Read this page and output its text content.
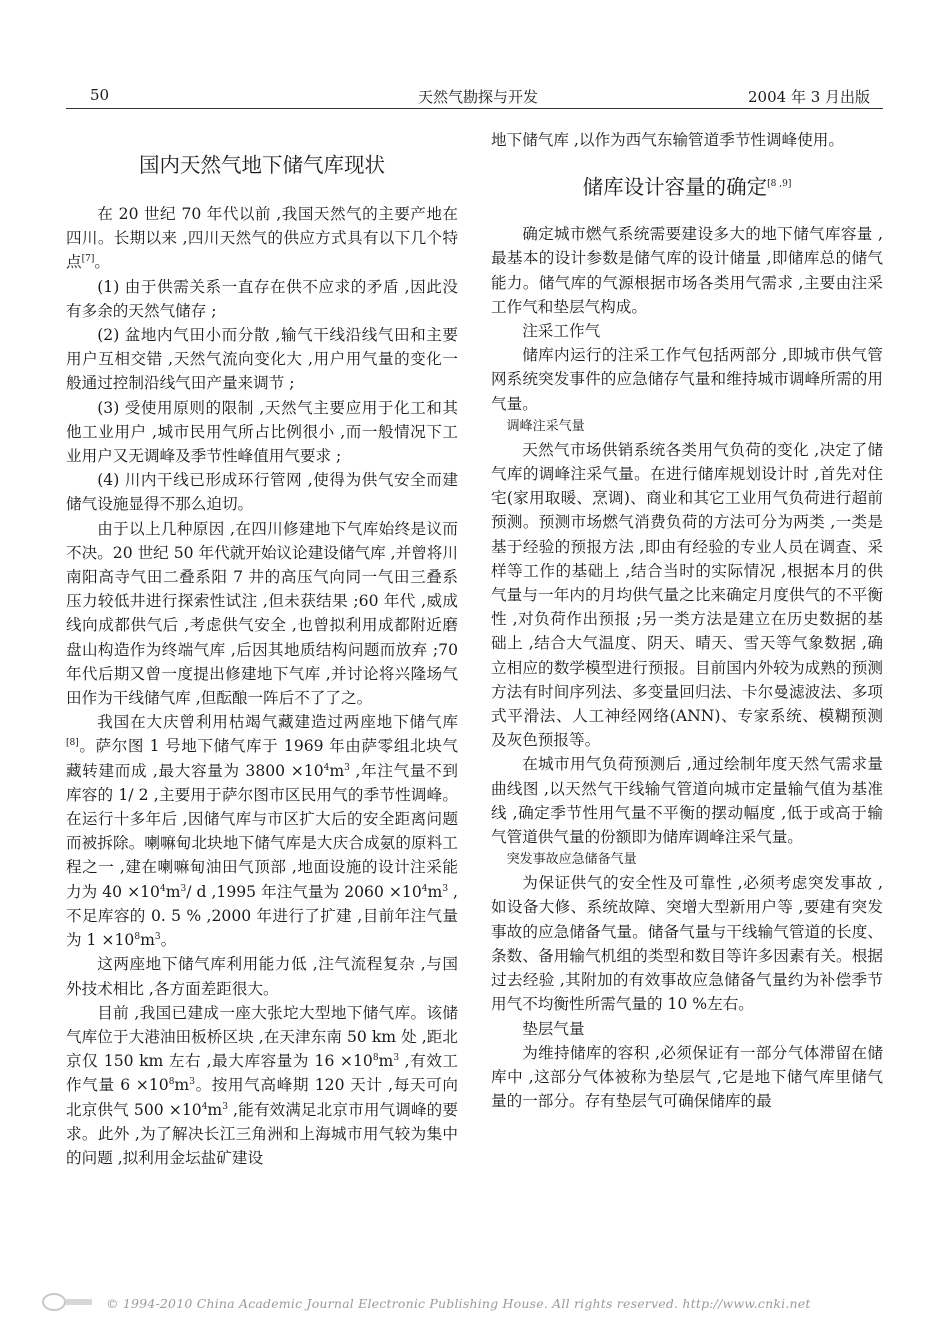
50	天然气勘探与开发	2004 年 3 月出版

国内天然气地下储气库现状

在 20 世纪 70 年代以前 ,我国天然气的主要产地在四川。长期以来 ,四川天然气的供应方式具有以下几个特点[7]。

(1) 由于供需关系一直存在供不应求的矛盾 ,因此没有多余的天然气储存 ;

(2) 盆地内气田小而分散 ,输气干线沿线气田和主要用户互相交错 ,天然气流向变化大 ,用户用气量的变化一般通过控制沿线气田产量来调节 ;

(3) 受使用原则的限制 ,天然气主要应用于化工和其他工业用户 ,城市民用气所占比例很小 ,而一般情况下工业用户又无调峰及季节性峰值用气要求 ;

(4) 川内干线已形成环行管网 ,使得为供气安全而建储气设施显得不那么迫切。

由于以上几种原因 ,在四川修建地下气库始终是议而不决。20 世纪 50 年代就开始议论建设储气库 ,并曾将川南阳高寺气田二叠系阳 7 井的高压气向同一气田三叠系压力较低井进行探索性试注 ,但未获结果 ;60 年代 ,威成线向成都供气后 ,考虑供气安全 ,也曾拟利用成都附近磨盘山构造作为终端气库 ,后因其地质结构问题而放弃 ;70 年代后期又曾一度提出修建地下气库 ,并讨论将兴隆场气田作为干线储气库 ,但酝酿一阵后不了了之。

我国在大庆曾利用枯竭气藏建造过两座地下储气库[8]。萨尔图 1 号地下储气库于 1969 年由萨零组北块气藏转建而成 ,最大容量为 $3800 \times 10^4m^3$ ,年注气量不到库容的 1/ 2 ,主要用于萨尔图市区民用气的季节性调峰。在运行十多年后 ,因储气库与市区扩大后的安全距离问题而被拆除。喇嘛甸北块地下储气库是大庆合成氨的原料工程之一 ,建在喇嘛甸油田气顶部 ,地面设施的设计注采能力为 $40 \times 10^4m^3/$ d ,1995 年注气量为 $2060 \times 10^4m^3$ ,不足库容的 0. 5 % ,2000 年进行了扩建 ,目前年注气量为 $1 \times 10^8m^3$。

这两座地下储气库利用能力低 ,注气流程复杂 ,与国外技术相比 ,各方面差距很大。

目前 ,我国已建成一座大张坨大型地下储气库。该储气库位于大港油田板桥区块 ,在天津东南 50 km 处 ,距北京仅 150 km 左右 ,最大库容量为 $16 \times 10^8m^3$ ,有效工作气量 $6 \times 10^8m^3$。按用气高峰期 120 天计 ,每天可向北京供气 $500 \times 10^4m^3$ ,能有效满足北京市用气调峰的要求。此外 ,为了解决长江三角洲和上海城市用气较为集中的问题 ,拟利用金坛盐矿建设

地下储气库 ,以作为西气东输管道季节性调峰使用。

储库设计容量的确定[8 ,9]

确定城市燃气系统需要建设多大的地下储气库容量 ,最基本的设计参数是储气库的设计储量 ,即储库总的储气能力。储气库的气源根据市场各类用气需求 ,主要由注采工作气和垫层气构成。

注采工作气

储库内运行的注采工作气包括两部分 ,即城市供气管网系统突发事件的应急储存气量和维持城市调峰所需的用气量。

调峰注采气量

天然气市场供销系统各类用气负荷的变化 ,决定了储气库的调峰注采气量。在进行储库规划设计时 ,首先对住宅(家用取暖、烹调)、商业和其它工业用气负荷进行超前预测。预测市场燃气消费负荷的方法可分为两类 ,一类是基于经验的预报方法 ,即由有经验的专业人员在调查、采样等工作的基础上 ,结合当时的实际情况 ,根据本月的供气量与一年内的月均供气量之比来确定月度供气的不平衡性 ,对负荷作出预报 ;另一类方法是建立在历史数据的基础上 ,结合大气温度、阴天、晴天、雪天等气象数据 ,确立相应的数学模型进行预报。目前国内外较为成熟的预测方法有时间序列法、多变量回归法、卡尔曼滤波法、多项式平滑法、人工神经网络(ANN)、专家系统、模糊预测及灰色预报等。

在城市用气负荷预测后 ,通过绘制年度天然气需求量曲线图 ,以天然气干线输气管道向城市定量输气值为基准线 ,确定季节性用气量不平衡的摆动幅度 ,低于或高于输气管道供气量的份额即为储库调峰注采气量。

突发事故应急储备气量

为保证供气的安全性及可靠性 ,必须考虑突发事故 ,如设备大修、系统故障、突增大型新用户等 ,要建有突发事故的应急储备气量。储备气量与干线输气管道的长度、条数、备用输气机组的类型和数目等许多因素有关。根据过去经验 ,其附加的有效事故应急储备气量约为补偿季节用气不均衡性所需气量的 10 %左右。

垫层气量

为维持储库的容积 ,必须保证有一部分气体滞留在储库中 ,这部分气体被称为垫层气 ,它是地下储气库里储气量的一部分。存有垫层气可确保储库的最

© 1994-2010 China Academic Journal Electronic Publishing House. All rights reserved. http://www.cnki.net
